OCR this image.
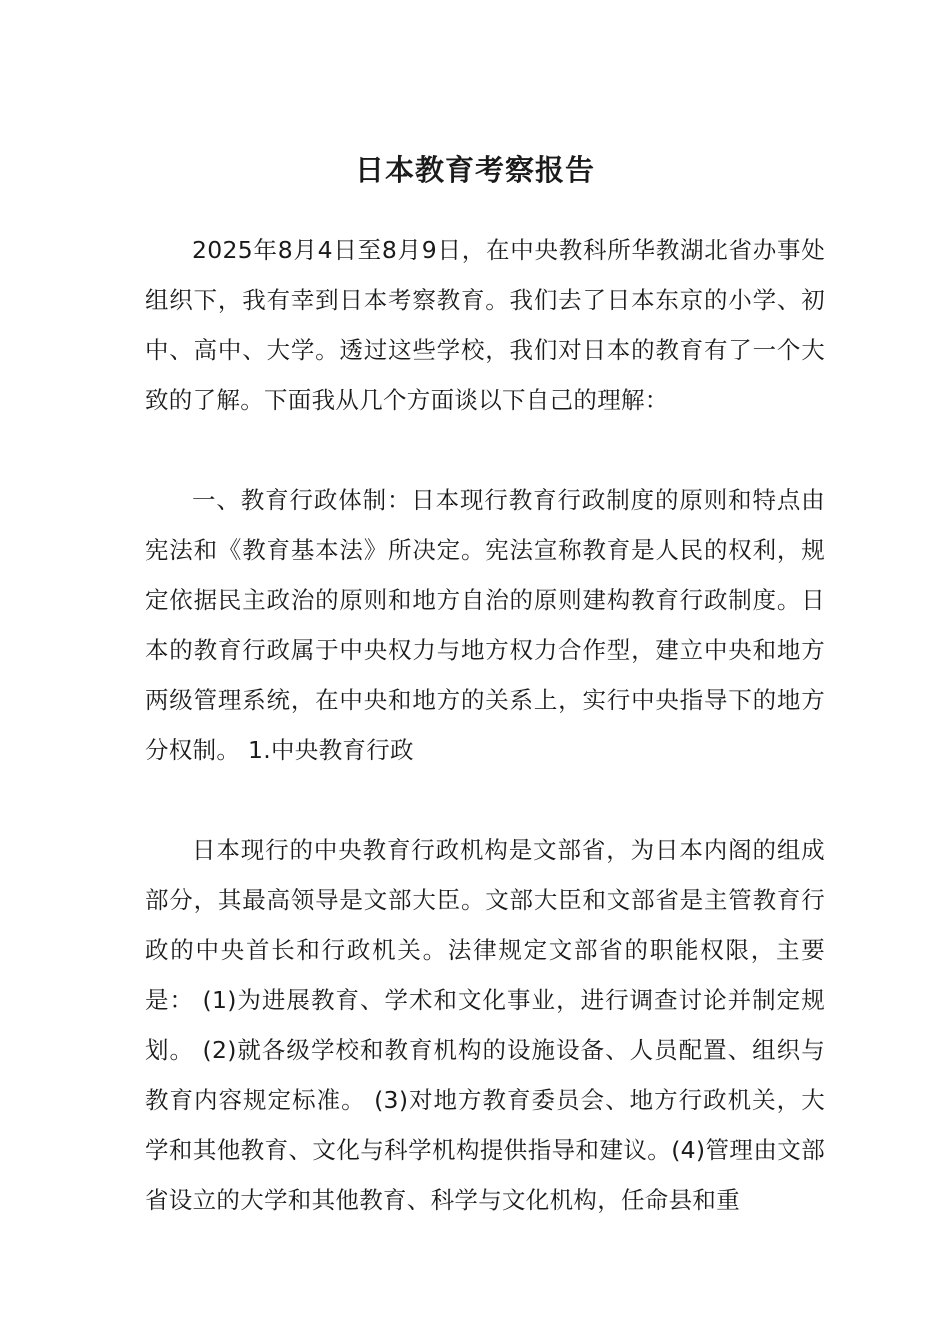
日本教育考察报告

2025年8月4日至8月9日，在中央教科所华教湖北省办事处组织下，我有幸到日本考察教育。我们去了日本东京的小学、初中、高中、大学。透过这些学校，我们对日本的教育有了一个大致的了解。下面我从几个方面谈以下自己的理解：

一、教育行政体制：日本现行教育行政制度的原则和特点由宪法和《教育基本法》所决定。宪法宣称教育是人民的权利，规定依据民主政治的原则和地方自治的原则建构教育行政制度。日本的教育行政属于中央权力与地方权力合作型，建立中央和地方两级管理系统，在中央和地方的关系上，实行中央指导下的地方分权制。 1.中央教育行政

日本现行的中央教育行政机构是文部省，为日本内阁的组成部分，其最高领导是文部大臣。文部大臣和文部省是主管教育行政的中央首长和行政机关。法律规定文部省的职能权限，主要是： (1)为进展教育、学术和文化事业，进行调查讨论并制定规划。 (2)就各级学校和教育机构的设施设备、人员配置、组织与教育内容规定标准。 (3)对地方教育委员会、地方行政机关，大学和其他教育、文化与科学机构提供指导和建议。(4)管理由文部省设立的大学和其他教育、科学与文化机构，任命县和重
